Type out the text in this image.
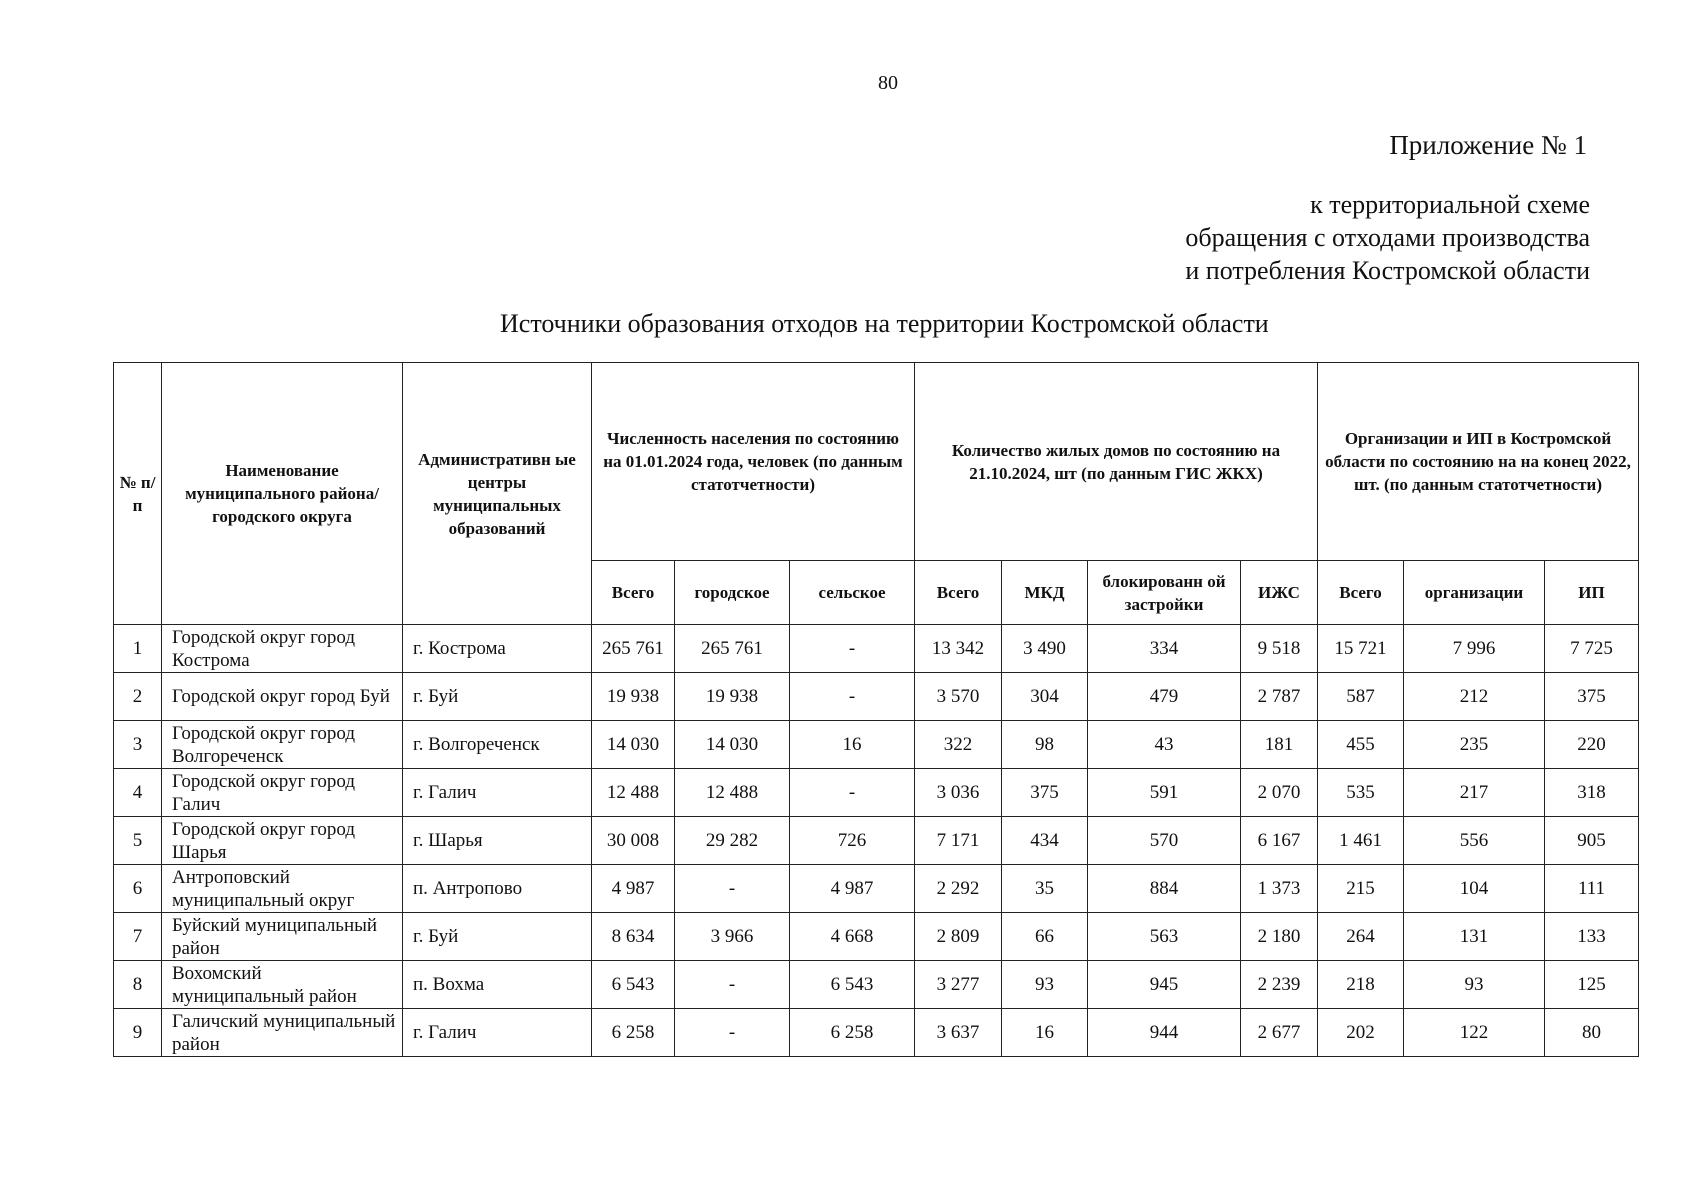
80
Приложение № 1
к территориальной схеме
обращения с отходами производства
и потребления Костромской области
Источники образования отходов на территории Костромской области
№ п/ п	Наименование муниципального района/ городского округа	Административн ые центры муниципальных образований	Численность населения по состоянию на 01.01.2024 года, человек (по данным статотчетности)			Количество жилых домов по состоянию на 21.10.2024, шт (по данным ГИС ЖКХ)				Организации и ИП в Костромской области по состоянию на на конец 2022, шт. (по данным статотчетности)		
			Всего	городское	сельское	Всего	МКД	блокированн ой застройки	ИЖС	Всего	организации	ИП
1	Городской округ город Кострома	г. Кострома	265 761	265 761	-	13 342	3 490	334	9 518	15 721	7 996	7 725
2	Городской округ город Буй	г. Буй	19 938	19 938	-	3 570	304	479	2 787	587	212	375
3	Городской округ город Волгореченск	г. Волгореченск	14 030	14 030	16	322	98	43	181	455	235	220
4	Городской округ город Галич	г. Галич	12 488	12 488	-	3 036	375	591	2 070	535	217	318
5	Городской округ город Шарья	г. Шарья	30 008	29 282	726	7 171	434	570	6 167	1 461	556	905
6	Антроповский муниципальный округ	п. Антропово	4 987	-	4 987	2 292	35	884	1 373	215	104	111
7	Буйский муниципальный район	г. Буй	8 634	3 966	4 668	2 809	66	563	2 180	264	131	133
8	Вохомский муниципальный район	п. Вохма	6 543	-	6 543	3 277	93	945	2 239	218	93	125
9	Галичский муниципальный район	г. Галич	6 258	-	6 258	3 637	16	944	2 677	202	122	80
